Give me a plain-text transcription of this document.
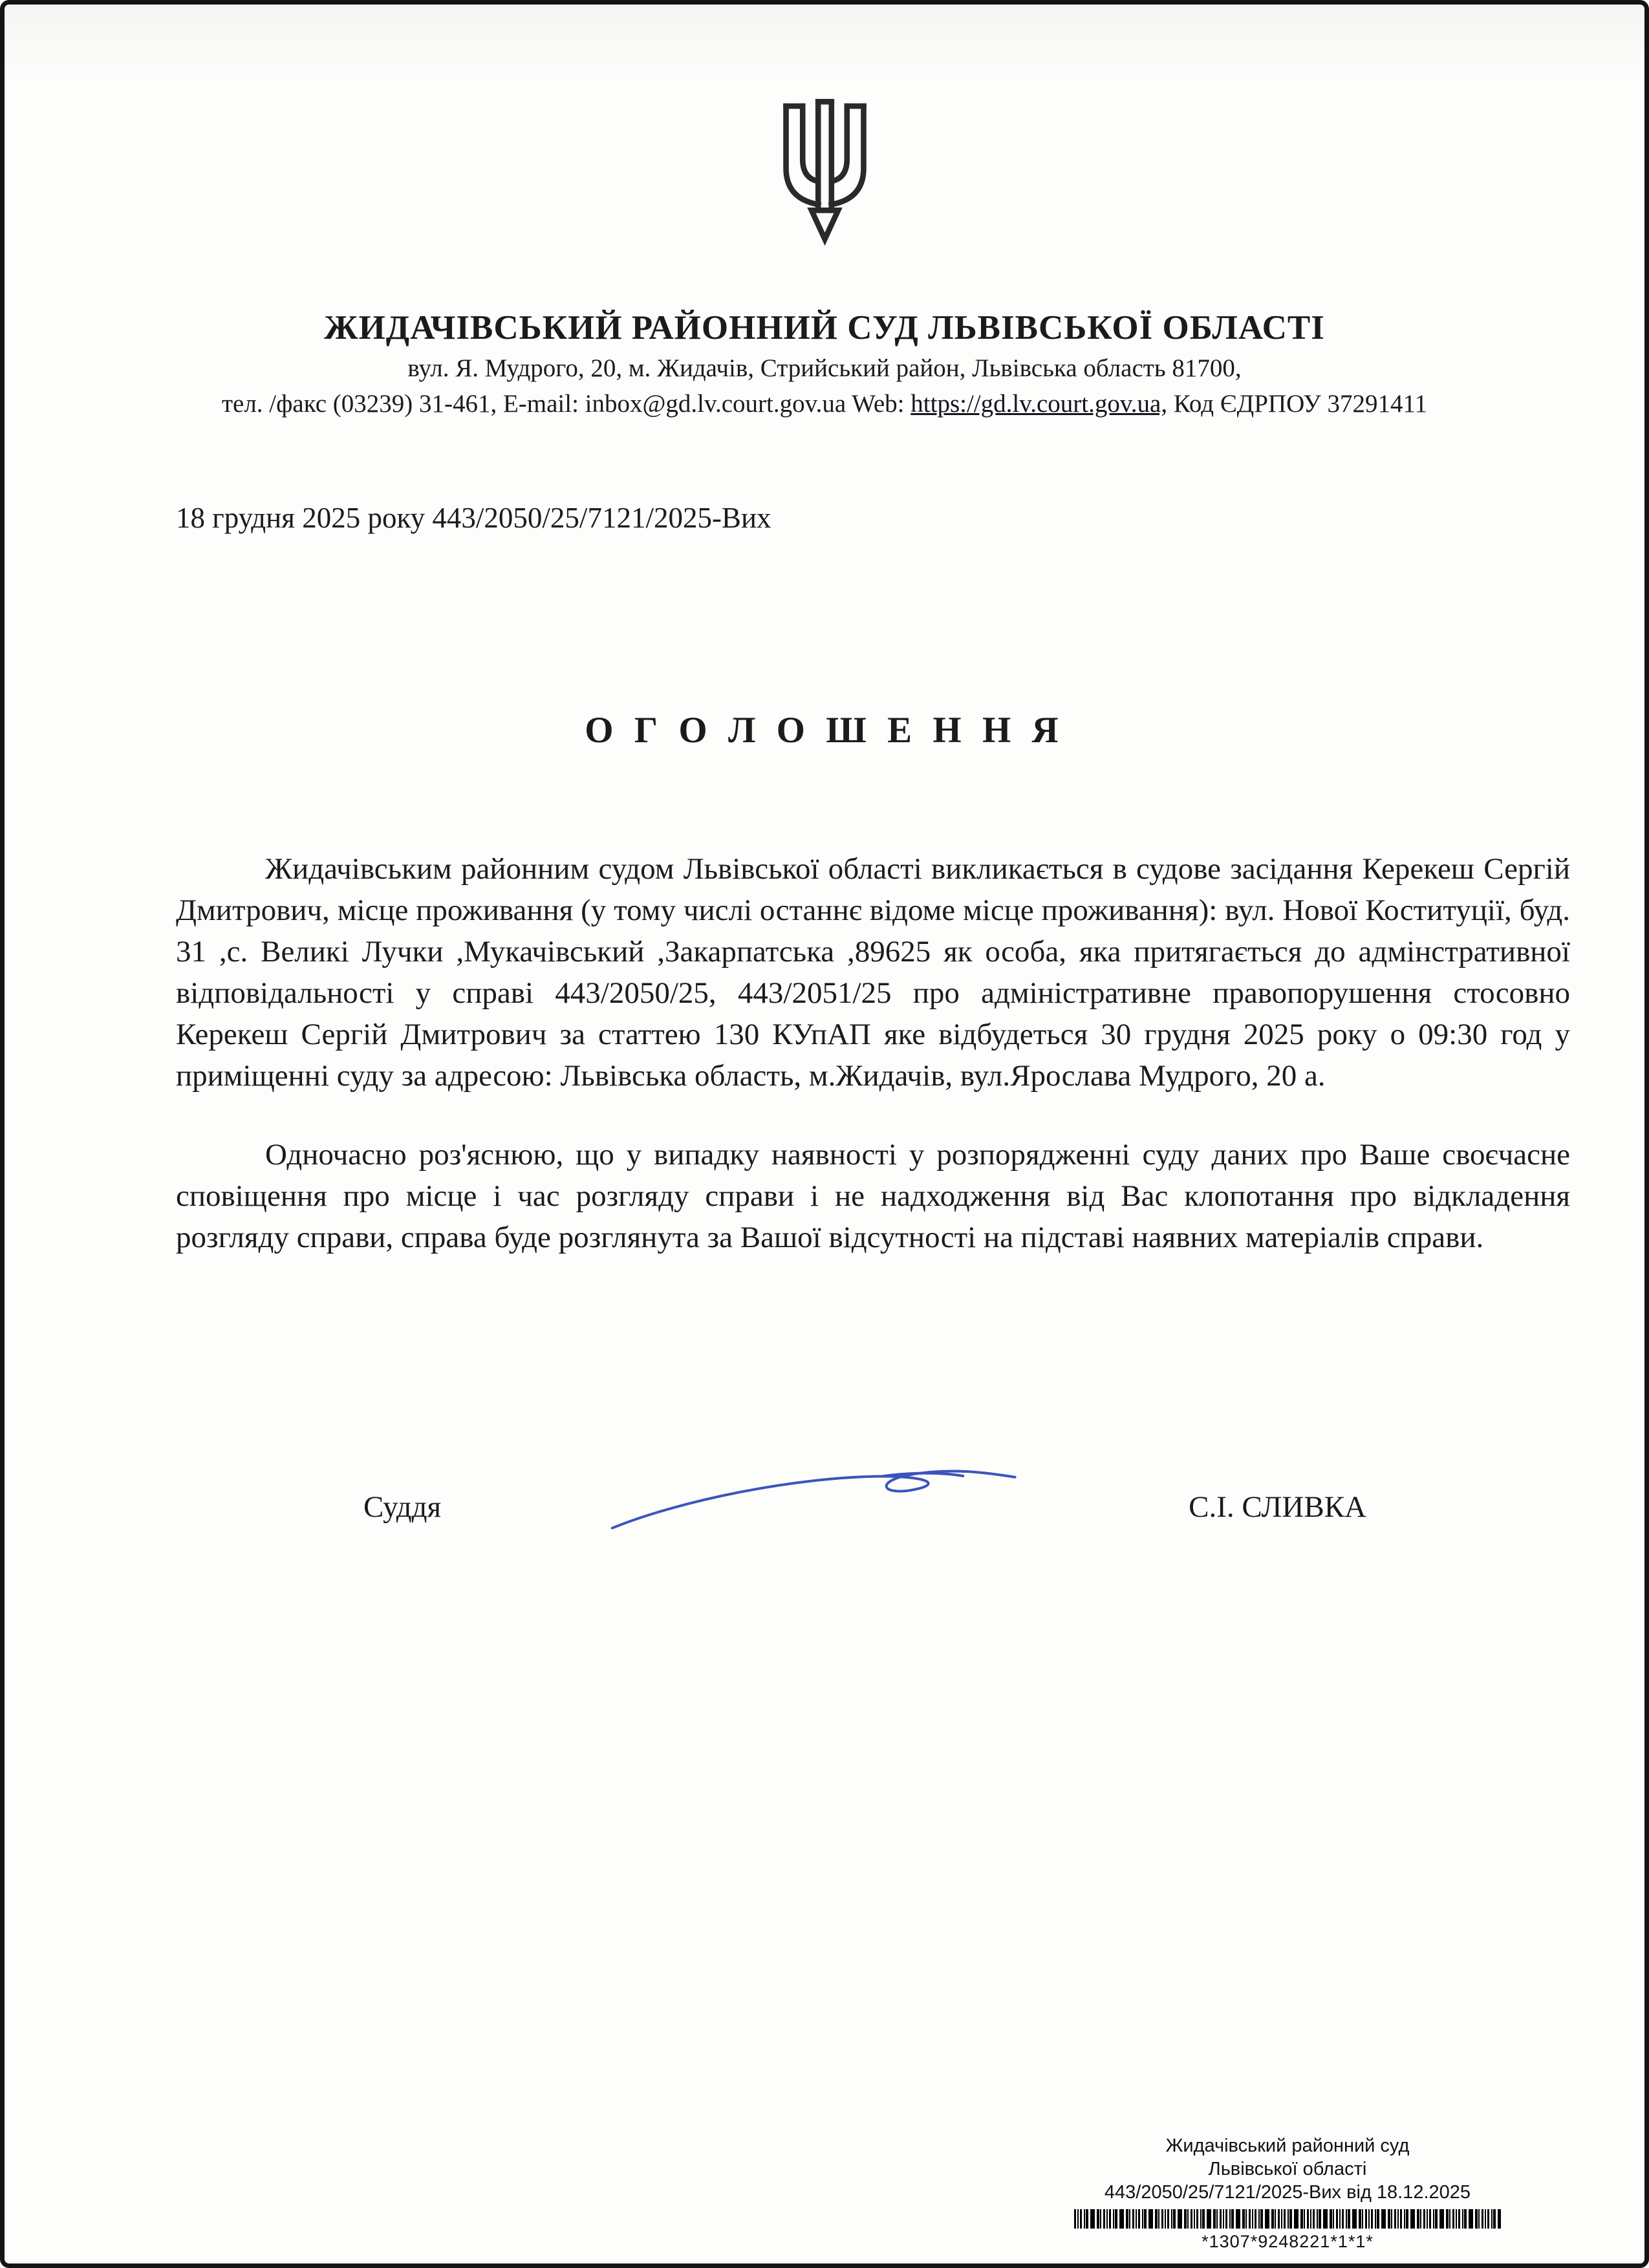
ЖИДАЧІВСЬКИЙ РАЙОННИЙ СУД ЛЬВІВСЬКОЇ ОБЛАСТІ
вул. Я. Мудрого, 20, м. Жидачів, Стрийський район, Львівська область 81700,
тел. /факс (03239) 31-461, E-mail: inbox@gd.lv.court.gov.ua Web: https://gd.lv.court.gov.ua, Код ЄДРПОУ 37291411
18 грудня 2025 року 443/2050/25/7121/2025-Вих
О Г О Л О Ш Е Н Н Я

Жидачівським районним судом Львівської області викликається в судове засідання Керекеш Сергій Дмитрович, місце проживання (у тому числі останнє відоме місце проживання): вул. Нової Коституції, буд. 31 ,с. Великі Лучки ,Мукачівський ,Закарпатська ,89625 як особа, яка притягається до адмінстративної відповідальності у справі 443/2050/25, 443/2051/25 про адміністративне правопорушення стосовно Керекеш Сергій Дмитрович за статтею 130 КУпАП яке відбудеться 30 грудня 2025 року о 09:30 год у приміщенні суду за адресою: Львівська область, м.Жидачів, вул.Ярослава Мудрого, 20 а.

Одночасно роз'яснюю, що у випадку наявності у розпорядженні суду даних про Ваше своєчасне сповіщення про місце і час розгляду справи і не надходження від Вас клопотання про відкладення розгляду справи, справа буде розглянута за Вашої відсутності на підставі наявних матеріалів справи.

Суддя	С.І. СЛИВКА
Жидачівський районний суд
Львівської області
443/2050/25/7121/2025-Вих від 18.12.2025
*1307*9248221*1*1*
